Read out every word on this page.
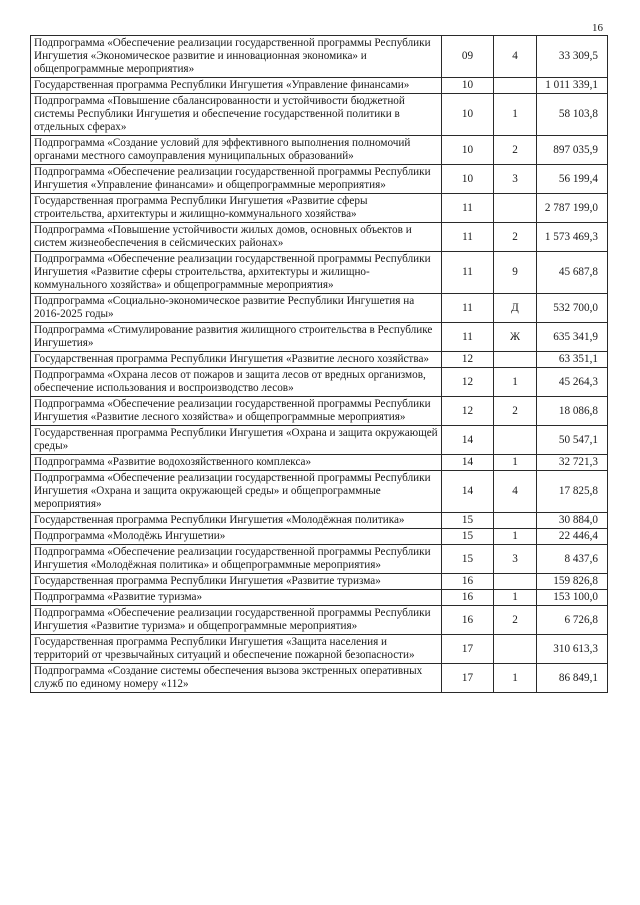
16
Подпрограмма «Обеспечение реализации государственной программы Республики Ингушетия «Экономическое развитие и инновационная экономика» и общепрограммные мероприятия»	09	4	33 309,5
Государственная программа Республики Ингушетия «Управление финансами»	10		1 011 339,1
Подпрограмма «Повышение сбалансированности и устойчивости бюджетной системы Республики Ингушетия и обеспечение государственной политики в отдельных сферах»	10	1	58 103,8
Подпрограмма «Создание условий для эффективного выполнения полномочий органами местного самоуправления муниципальных образований»	10	2	897 035,9
Подпрограмма «Обеспечение реализации государственной программы Республики Ингушетия «Управление финансами» и общепрограммные мероприятия»	10	3	56 199,4
Государственная программа Республики Ингушетия «Развитие сферы строительства, архитектуры и жилищно-коммунального хозяйства»	11		2 787 199,0
Подпрограмма «Повышение устойчивости жилых домов, основных объектов и систем жизнеобеспечения в сейсмических районах»	11	2	1 573 469,3
Подпрограмма «Обеспечение реализации государственной программы Республики Ингушетия «Развитие сферы строительства, архитектуры и жилищно-коммунального хозяйства» и общепрограммные мероприятия»	11	9	45 687,8
Подпрограмма «Социально-экономическое развитие Республики Ингушетия на 2016-2025 годы»	11	Д	532 700,0
Подпрограмма «Стимулирование развития жилищного строительства в Республике Ингушетия»	11	Ж	635 341,9
Государственная программа Республики Ингушетия «Развитие лесного хозяйства»	12		63 351,1
Подпрограмма «Охрана лесов от пожаров и защита лесов от вредных организмов, обеспечение использования и воспроизводство лесов»	12	1	45 264,3
Подпрограмма «Обеспечение реализации государственной программы Республики Ингушетия «Развитие лесного хозяйства» и общепрограммные мероприятия»	12	2	18 086,8
Государственная программа Республики Ингушетия «Охрана и защита окружающей среды»	14		50 547,1
Подпрограмма «Развитие водохозяйственного комплекса»	14	1	32 721,3
Подпрограмма «Обеспечение реализации государственной программы Республики Ингушетия «Охрана и защита окружающей среды» и общепрограммные мероприятия»	14	4	17 825,8
Государственная программа Республики Ингушетия «Молодёжная политика»	15		30 884,0
Подпрограмма «Молодёжь Ингушетии»	15	1	22 446,4
Подпрограмма «Обеспечение реализации государственной программы Республики Ингушетия «Молодёжная политика» и общепрограммные мероприятия»	15	3	8 437,6
Государственная программа Республики Ингушетия «Развитие туризма»	16		159 826,8
Подпрограмма «Развитие туризма»	16	1	153 100,0
Подпрограмма «Обеспечение реализации государственной программы Республики Ингушетия «Развитие туризма» и общепрограммные мероприятия»	16	2	6 726,8
Государственная программа Республики Ингушетия «Защита населения и территорий от чрезвычайных ситуаций и обеспечение пожарной безопасности»	17		310 613,3
Подпрограмма «Создание системы обеспечения вызова экстренных оперативных служб по единому номеру «112»	17	1	86 849,1
